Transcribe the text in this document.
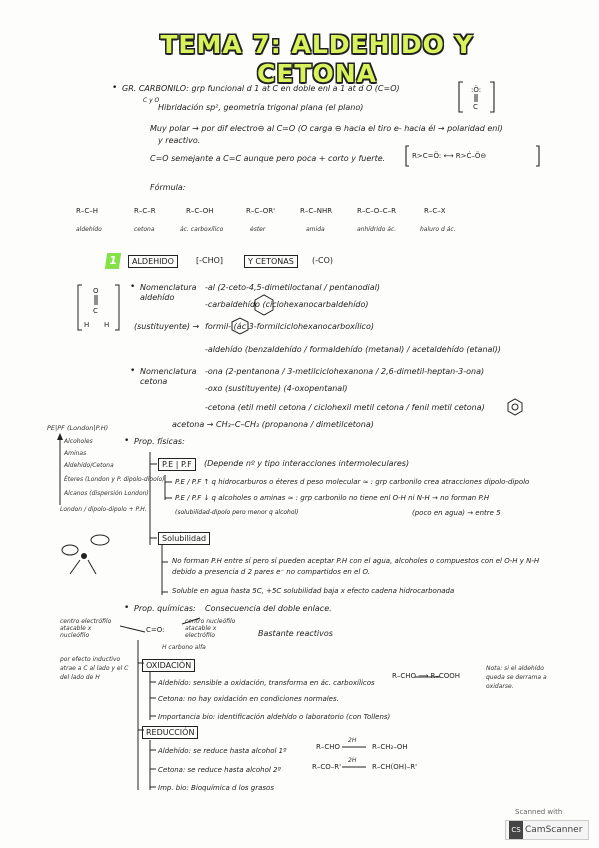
:Ö:
C
O
C
H H
TEMA 7: ALDEHIDO Y CETONA
• GR. CARBONILO: grp funcional d 1 at C en doble enl a 1 at d O (C=O)
C y O
Hibridación sp², geometría trigonal plana (el plano)
Muy polar → por dif electro⊖ al C=O (O carga ⊖ hacia el tiro e- hacia él → polaridad enl)
y reactivo.
C=O semejante a C=C aunque pero poca + corto y fuerte.	R>C=Ö: ⟷ R>Ċ–Ö⊖
Fórmula:
R–C–H
aldehído
R–C–R
cetona
R–C–OH
ác. carboxílico
R–C–OR'
éster
R–C–NHR
amida
R–C–O–C–R
anhídrido ác.
R–C–X
haluro d ác.
1	ALDEHIDO	[-CHO]	Y CETONAS	(-CO)
• Nomenclatura aldehído
-al (2-ceto-4,5-dimetiloctanal / pentanodial)
-carbaldehído (ciclohexanocarbaldehído)
(sustituyente) → formil- (ác 3-formilciclohexanocarboxílico)
-aldehído (benzaldehído / formaldehído (metanal) / acetaldehído (etanal))
• Nomenclatura cetona
-ona (2-pentanona / 3-metilciclohexanona / 2,6-dimetil-heptan-3-ona)
-oxo (sustituyente) (4-oxopentanal)
-cetona (etil metil cetona / ciclohexil metil cetona / fenil metil cetona)
acetona → CH₃–C–CH₃ (propanona / dimetilcetona)
PE|PF (London|P.H)
Alcoholes
Aminas
Aldehído/Cetona
Éteres (London y P. dipolo-dipolo)
Alcanos (dispersión London)
London / dipolo-dipolo + P.H.
• Prop. físicas:
P.E | P.F	(Depende nº y tipo interacciones intermoleculares)
P.E / P.F ↑ q hidrocarburos o éteres d peso molecular ≈ : grp carbonilo crea atracciones dipolo-dipolo
P.E / P.F ↓ q alcoholes o aminas ≈ : grp carbonilo no tiene enl O-H ni N-H → no forman P.H
(solubilidad-dipolo pero menor q alcohol)	(poco en agua) → entre 5
Solubilidad
No forman P.H entre sí pero sí pueden aceptar P.H con el agua, alcoholes o compuestos con el O-H y N-H
debido a presencia d 2 pares e⁻ no compartidos en el O.
Soluble en agua hasta 5C, +5C solubilidad baja x efecto cadena hidrocarbonada
• Prop. químicas: Consecuencia del doble enlace.
centro electrófilo atacable x nucleófilo
C=O:
centro nucleófilo atacable x electrófilo	Bastante reactivos
H carbono alfa
por efecto inductivo atrae a C al lado y el C del lado de H
OXIDACIÓN
Aldehído: sensible a oxidación, transforma en ác. carboxílicos
Cetona: no hay oxidación en condiciones normales.
Importancia bio: identificación aldehído o laboratorio (con Tollens)
R–CHO ⟶ R–COOH
Nota: si el aldehído queda se derrama a oxidarse.
REDUCCIÓN
Aldehído: se reduce hasta alcohol 1º
Cetona: se reduce hasta alcohol 2º
Imp. bio: Bioquímica d los grasos
R–CHO
2H
R–CH₂–OH
R–CO–R'
2H
R–CH(OH)–R'
Scanned with
CS CamScanner
